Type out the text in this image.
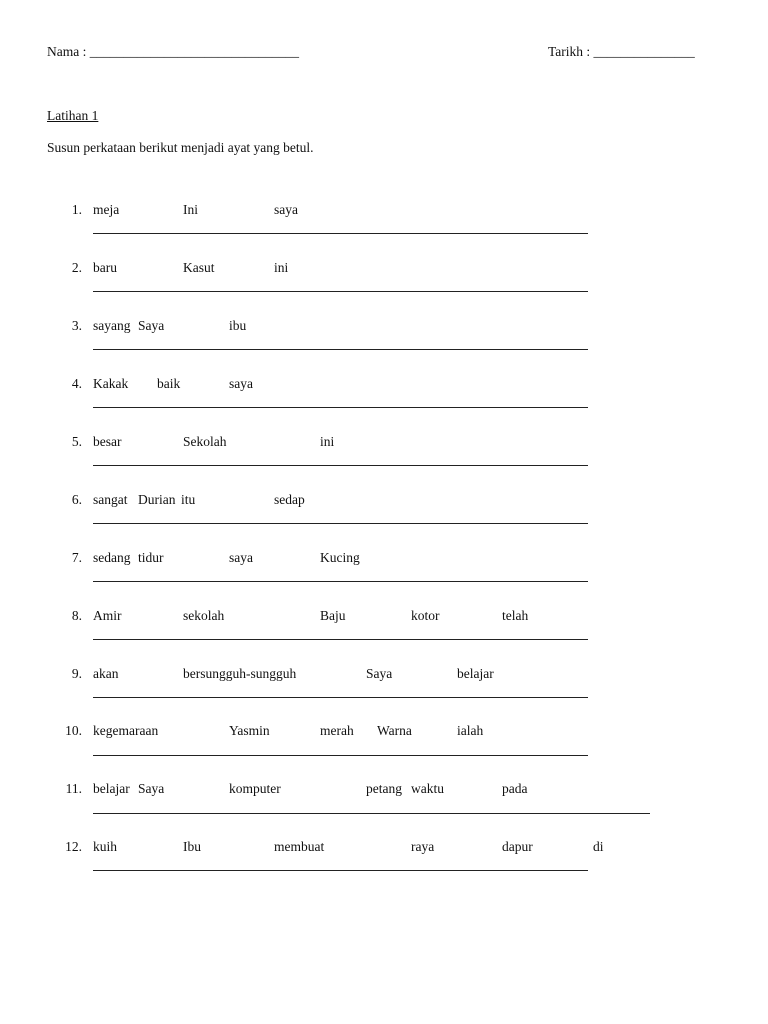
Nama : _______________________________	Tarikh : _______________
Latihan 1
Susun perkataan berikut menjadi ayat yang betul.
1. meja	Ini	saya
2. baru	Kasut	ini
3. sayang Saya	ibu
4. Kakak baik	saya
5. besar	Sekolah	ini
6. sangat Durian itu	sedap
7. sedang tidur	saya	Kucing
8. Amir	sekolah	Baju	kotor	telah
9. akan	bersungguh-sungguh	Saya	belajar
10. kegemaraan	Yasmin	merah Warna	ialah
11. belajar Saya	komputer	petang waktu	pada
12. kuih	Ibu	membuat	raya	dapur	di
